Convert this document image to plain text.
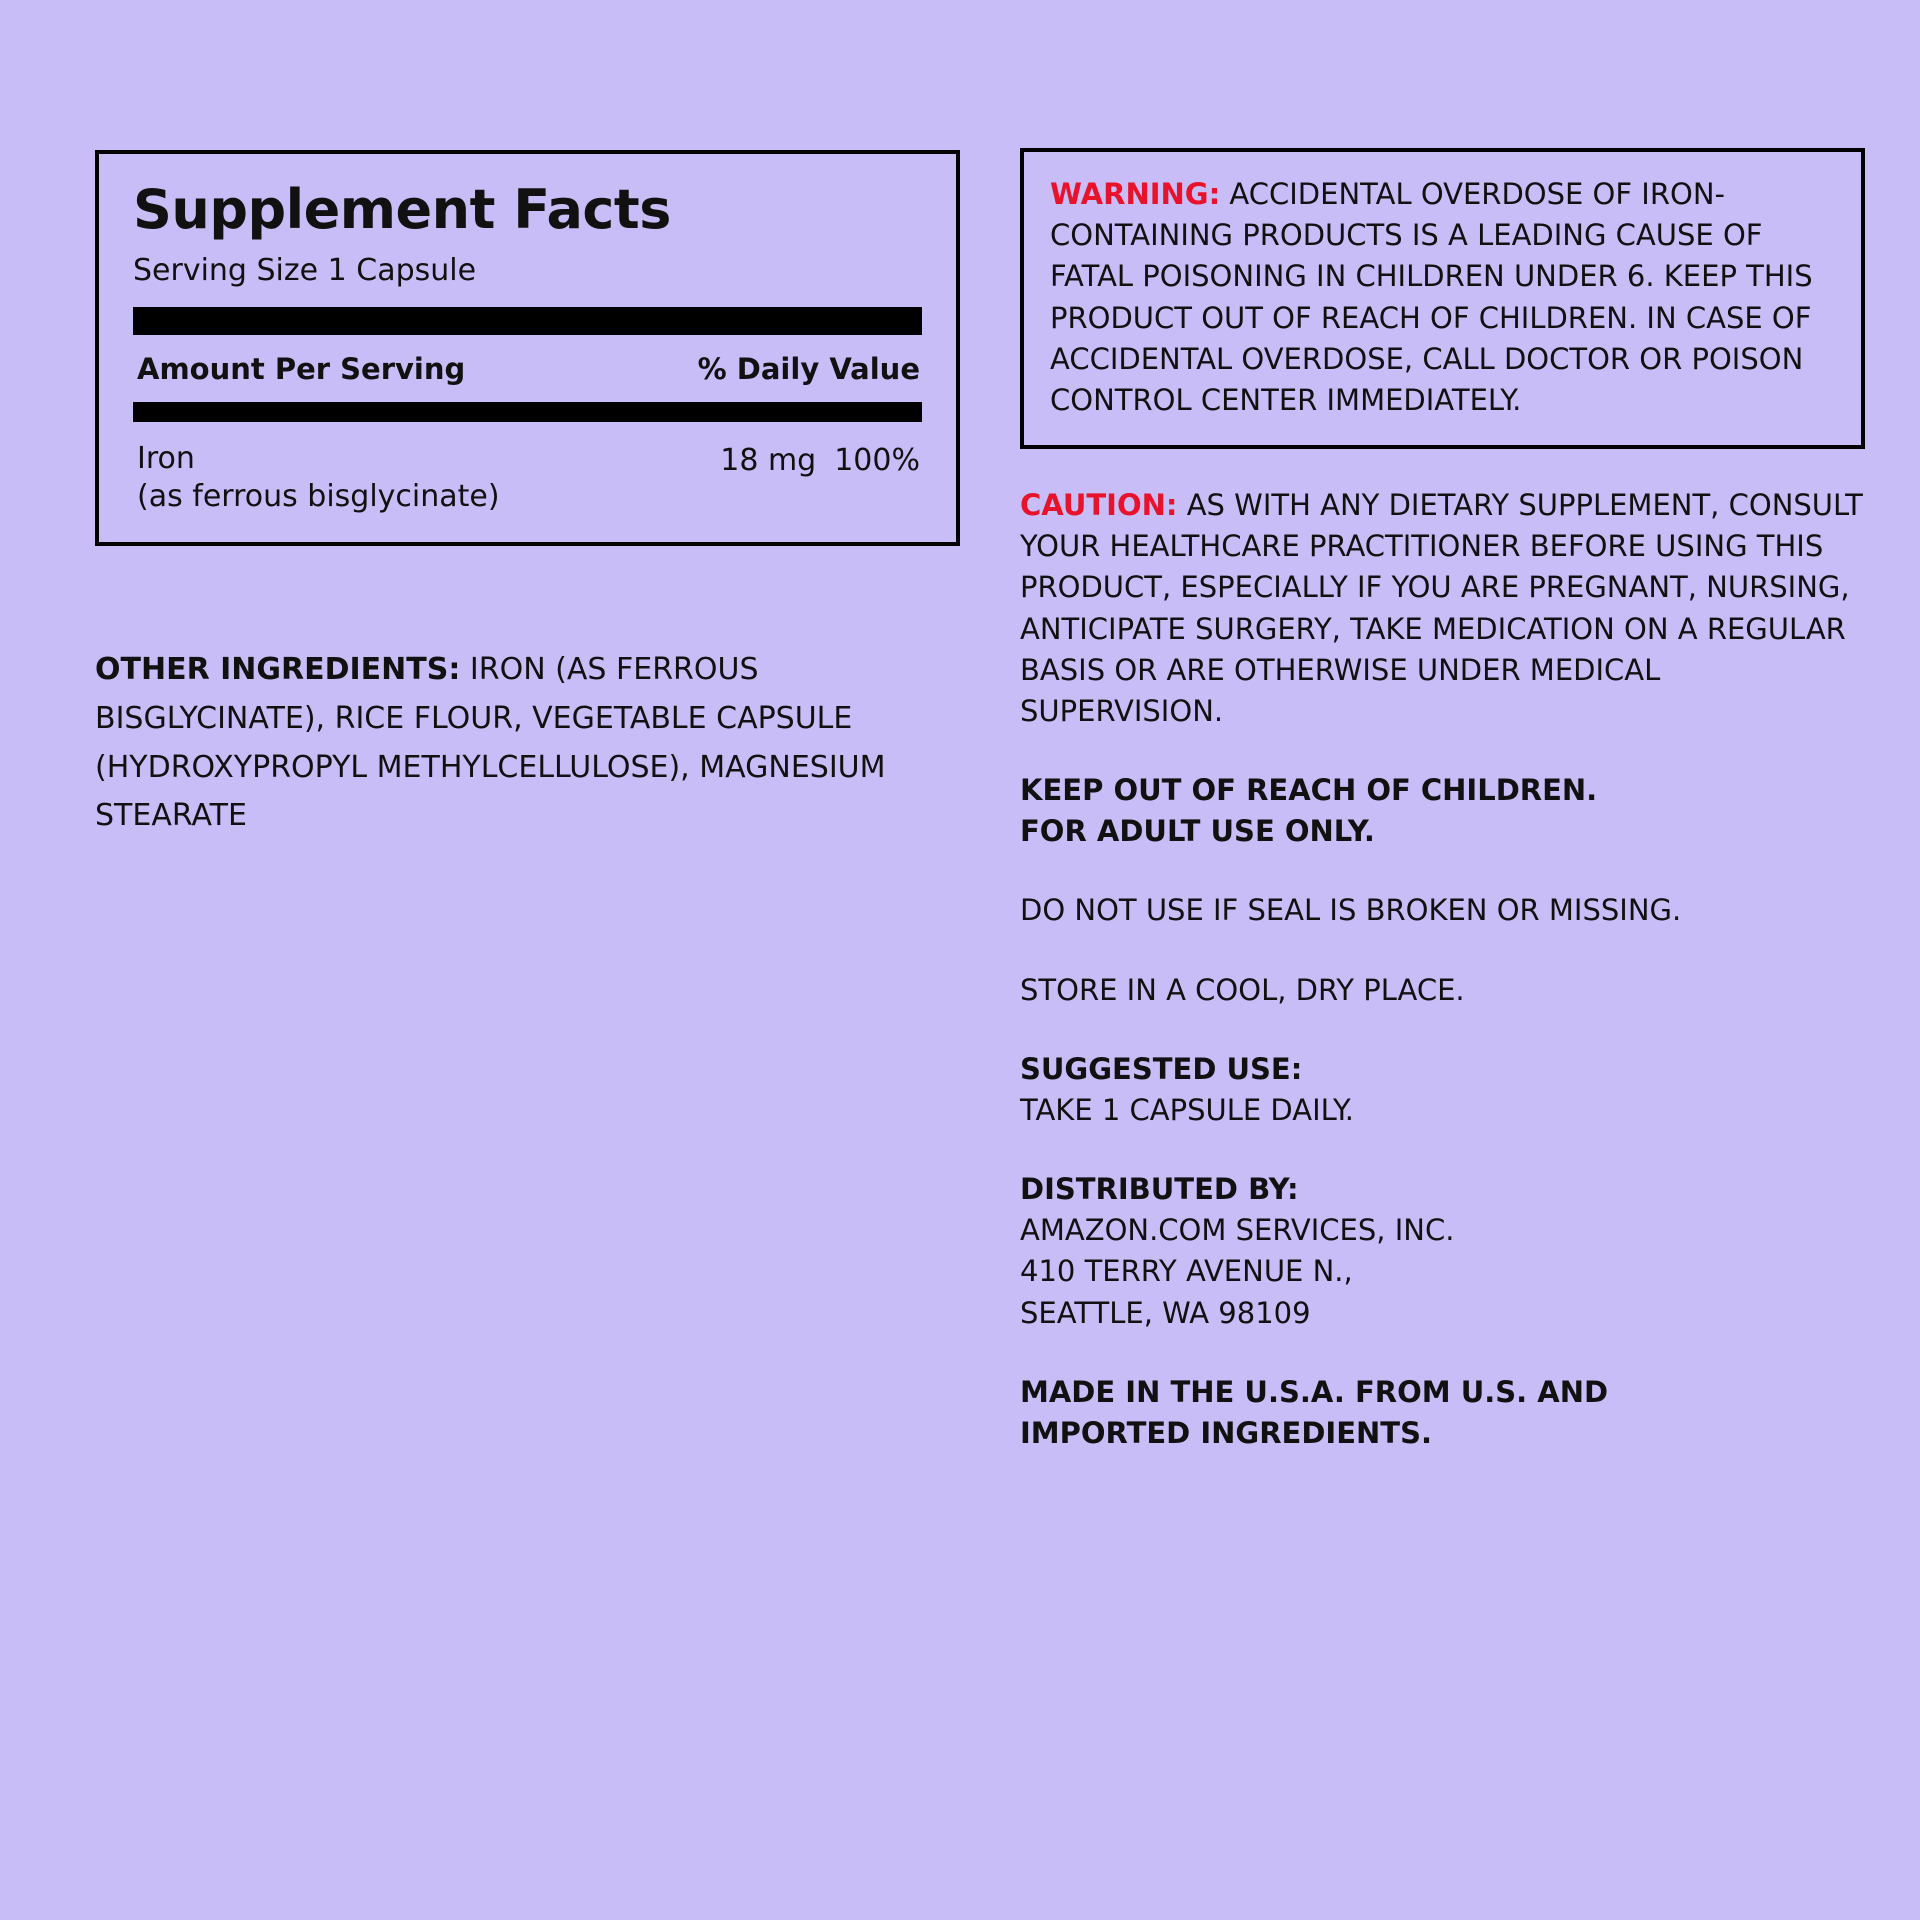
Supplement Facts
Serving Size 1 Capsule
Amount Per Serving	% Daily Value
Iron
(as ferrous bisglycinate)
18 mg 100%
OTHER INGREDIENTS: IRON (AS FERROUS BISGLYCINATE), RICE FLOUR, VEGETABLE CAPSULE (HYDROXYPROPYL METHYLCELLULOSE), MAGNESIUM STEARATE
WARNING: ACCIDENTAL OVERDOSE OF IRON-CONTAINING PRODUCTS IS A LEADING CAUSE OF FATAL POISONING IN CHILDREN UNDER 6. KEEP THIS PRODUCT OUT OF REACH OF CHILDREN. IN CASE OF ACCIDENTAL OVERDOSE, CALL DOCTOR OR POISON CONTROL CENTER IMMEDIATELY.
CAUTION: AS WITH ANY DIETARY SUPPLEMENT, CONSULT YOUR HEALTHCARE PRACTITIONER BEFORE USING THIS PRODUCT, ESPECIALLY IF YOU ARE PREGNANT, NURSING, ANTICIPATE SURGERY, TAKE MEDICATION ON A REGULAR BASIS OR ARE OTHERWISE UNDER MEDICAL SUPERVISION.
KEEP OUT OF REACH OF CHILDREN.
FOR ADULT USE ONLY.
DO NOT USE IF SEAL IS BROKEN OR MISSING.
STORE IN A COOL, DRY PLACE.
SUGGESTED USE:
TAKE 1 CAPSULE DAILY.
DISTRIBUTED BY:
AMAZON.COM SERVICES, INC.
410 TERRY AVENUE N.,
SEATTLE, WA 98109
MADE IN THE U.S.A. FROM U.S. AND
IMPORTED INGREDIENTS.
